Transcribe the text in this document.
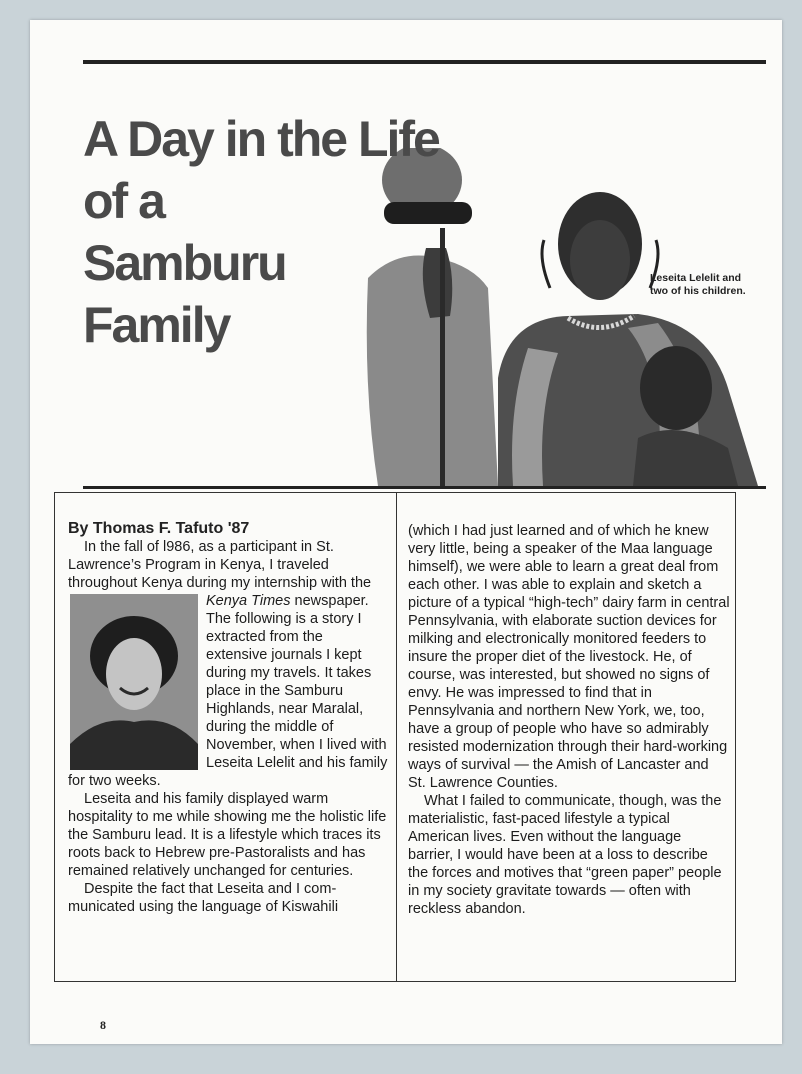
A Day in the Life
of a
Samburu
Family
Leseita Lelelit and
two of his children.
8

By Thomas F. Tafuto '87

In the fall of l986, as a participant in St. Lawrence’s Program in Kenya, I traveled throughout Kenya during my internship with the Kenya Times
newspaper. The following is a story I extracted from the extensive journals I kept during my travels. It takes place in the Samburu Highlands, near Maralal, during the middle of November, when I lived with Leseita Lelelit and his family for two weeks.

Leseita and his family displayed warm hospitality to me while showing me the holistic life the Samburu lead. It is a lifestyle which traces its roots back to Hebrew pre-Pastoralists and has remained relatively unchanged for centuries.

Despite the fact that Leseita and I com-municated using the language of Kiswahili

(which I had just learned and of which he knew very little, being a speaker of the Maa language himself), we were able to learn a great deal from each other. I was able to explain and sketch a picture of a typical “high-tech” dairy farm in central Pennsylvania, with elaborate suction devices for milking and electronically monitored feeders to insure the proper diet of the livestock. He, of course, was interested, but showed no signs of envy. He was impressed to find that in Pennsylvania and northern New York, we, too, have a group of people who have so admirably resisted modernization through their hard-working ways of survival — the Amish of Lancaster and St. Lawrence Counties.

What I failed to communicate, though, was the materialistic, fast-paced lifestyle a typical American lives. Even without the language barrier, I would have been at a loss to describe the forces and motives that “green paper” people in my society gravitate towards — often with reckless abandon.
